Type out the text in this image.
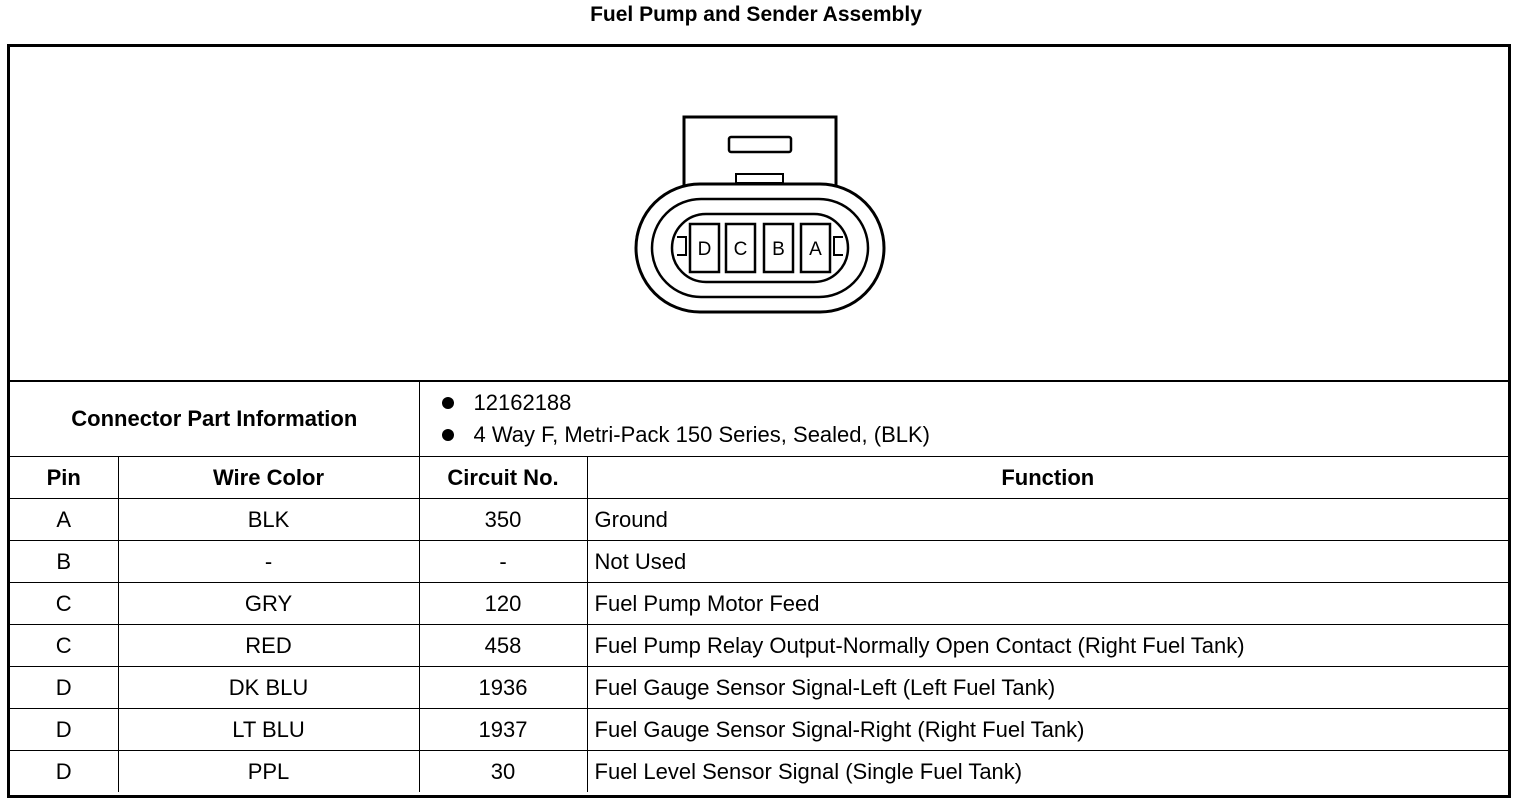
Fuel Pump and Sender Assembly
D C B A
Connector Part Information		12162188
4 Way F, Metri-Pack 150 Series, Sealed, (BLK)	

Pin	Wire Color	Circuit No.	Function
A	BLK	350	Ground
B	-	-	Not Used
C	GRY	120	Fuel Pump Motor Feed
C	RED	458	Fuel Pump Relay Output-Normally Open Contact (Right Fuel Tank)
D	DK BLU	1936	Fuel Gauge Sensor Signal-Left (Left Fuel Tank)
D	LT BLU	1937	Fuel Gauge Sensor Signal-Right (Right Fuel Tank)
D	PPL	30	Fuel Level Sensor Signal (Single Fuel Tank)
